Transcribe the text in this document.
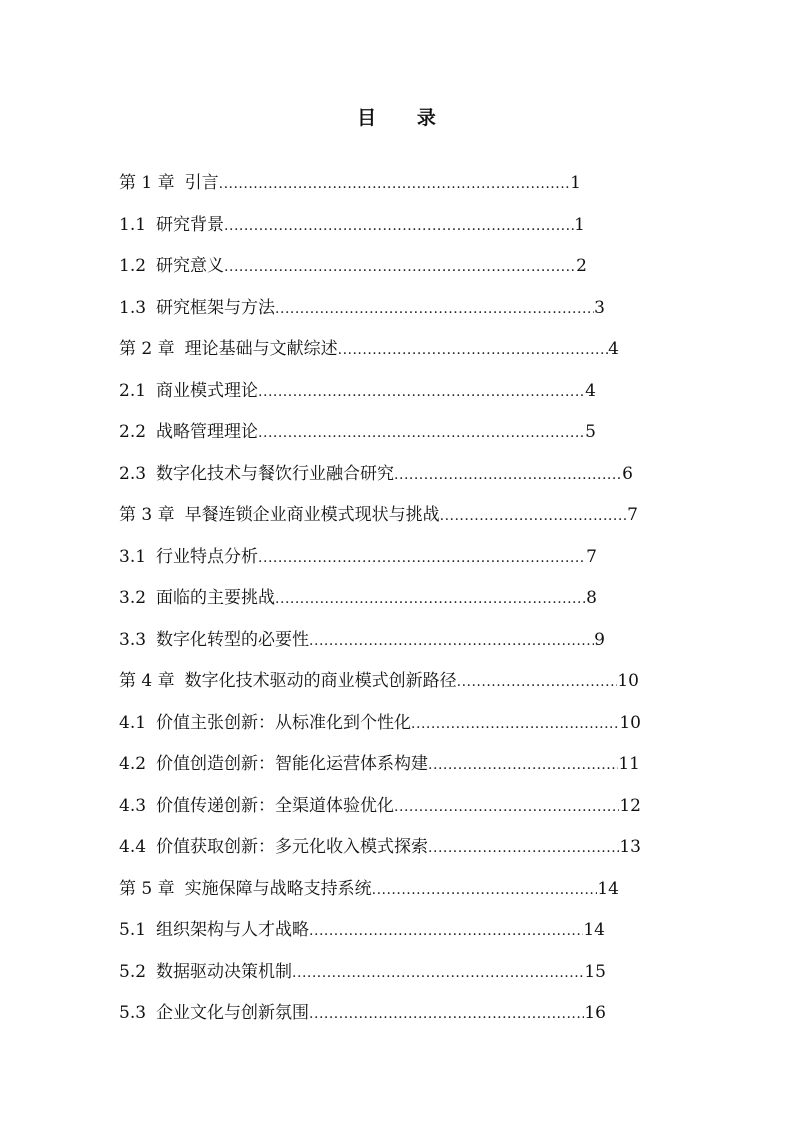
目 录
第 1 章 引言 .....	1
1.1 研究背景 .....	1
1.2 研究意义 .....	2
1.3 研究框架与方法 .....	3
第 2 章 理论基础与文献综述 .....	4
2.1 商业模式理论 .....	4
2.2 战略管理理论 .....	5
2.3 数字化技术与餐饮行业融合研究 .....	6
第 3 章 早餐连锁企业商业模式现状与挑战 .....	7
3.1 行业特点分析 .....	7
3.2 面临的主要挑战 .....	8
3.3 数字化转型的必要性 .....	9
第 4 章 数字化技术驱动的商业模式创新路径 .....	10
4.1 价值主张创新：从标准化到个性化 .....	10
4.2 价值创造创新：智能化运营体系构建 .....	11
4.3 价值传递创新：全渠道体验优化 .....	12
4.4 价值获取创新：多元化收入模式探索 .....	13
第 5 章 实施保障与战略支持系统 .....	14
5.1 组织架构与人才战略 .....	14
5.2 数据驱动决策机制 .....	15
5.3 企业文化与创新氛围 .....	16
